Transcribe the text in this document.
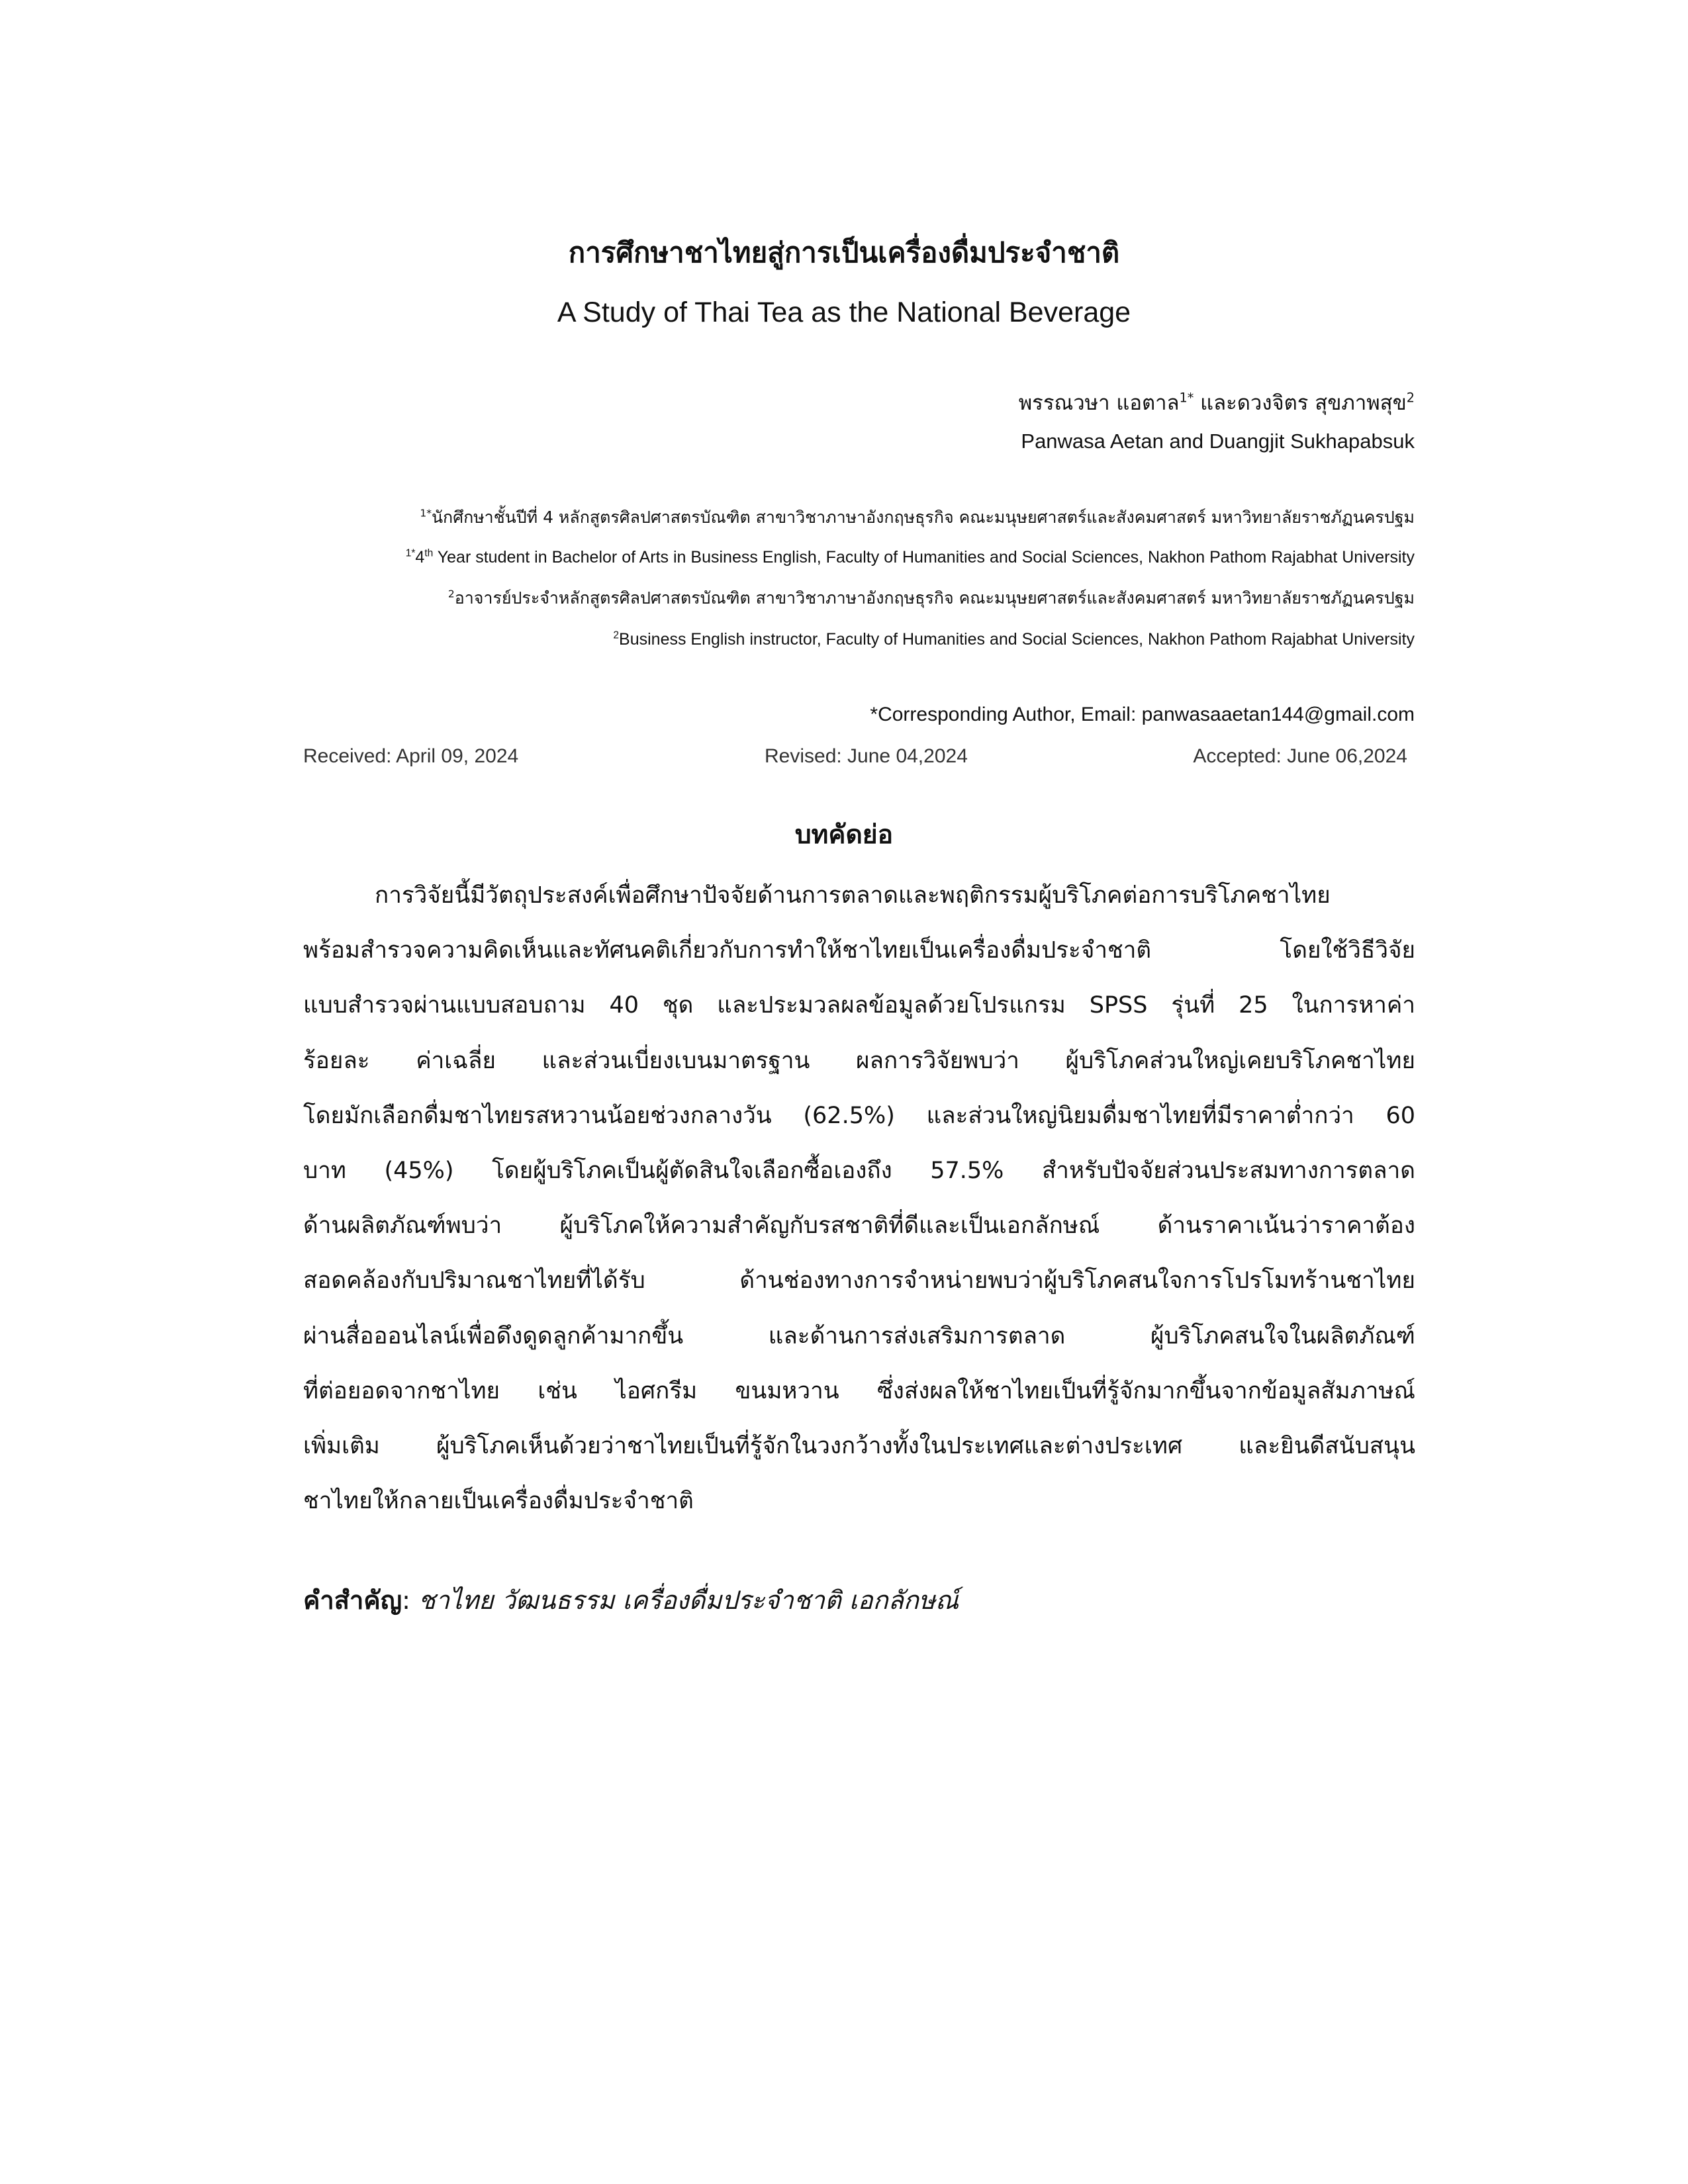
การศึกษาชาไทยสู่การเป็นเครื่องดื่มประจำชาติ
A Study of Thai Tea as the National Beverage
พรรณวษา แอตาล$^{1*}$ และดวงจิตร สุขภาพสุข$^2$
Panwasa Aetan and Duangjit Sukhapabsuk
$^{1*}$นักศึกษาชั้นปีที่ 4 หลักสูตรศิลปศาสตรบัณฑิต สาขาวิชาภาษาอังกฤษธุรกิจ คณะมนุษยศาสตร์และสังคมศาสตร์ มหาวิทยาลัยราชภัฏนครปฐม
$^{1*}$4th Year student in Bachelor of Arts in Business English, Faculty of Humanities and Social Sciences, Nakhon Pathom Rajabhat University
$^2$อาจารย์ประจำหลักสูตรศิลปศาสตรบัณฑิต สาขาวิชาภาษาอังกฤษธุรกิจ คณะมนุษยศาสตร์และสังคมศาสตร์ มหาวิทยาลัยราชภัฏนครปฐม
$^2$Business English instructor, Faculty of Humanities and Social Sciences, Nakhon Pathom Rajabhat University
*Corresponding Author, Email: panwasaaetan144@gmail.com
Received: April 09, 2024	Revised: June 04,2024	Accepted: June 06,2024
บทคัดย่อ
การวิจัยนี้มีวัตถุประสงค์เพื่อศึกษาปัจจัยด้านการตลาดและพฤติกรรมผู้บริโภคต่อการบริโภคชาไทย
พร้อมสำรวจความคิดเห็นและทัศนคติเกี่ยวกับการทำให้ชาไทยเป็นเครื่องดื่มประจำชาติ โดยใช้วิธีวิจัย
แบบสำรวจผ่านแบบสอบถาม 40 ชุด และประมวลผลข้อมูลด้วยโปรแกรม SPSS รุ่นที่ 25 ในการหาค่า
ร้อยละ ค่าเฉลี่ย และส่วนเบี่ยงเบนมาตรฐาน ผลการวิจัยพบว่า ผู้บริโภคส่วนใหญ่เคยบริโภคชาไทย
โดยมักเลือกดื่มชาไทยรสหวานน้อยช่วงกลางวัน (62.5%) และส่วนใหญ่นิยมดื่มชาไทยที่มีราคาต่ำกว่า 60
บาท (45%) โดยผู้บริโภคเป็นผู้ตัดสินใจเลือกซื้อเองถึง 57.5% สำหรับปัจจัยส่วนประสมทางการตลาด
ด้านผลิตภัณฑ์พบว่า ผู้บริโภคให้ความสำคัญกับรสชาติที่ดีและเป็นเอกลักษณ์ ด้านราคาเน้นว่าราคาต้อง
สอดคล้องกับปริมาณชาไทยที่ได้รับ ด้านช่องทางการจำหน่ายพบว่าผู้บริโภคสนใจการโปรโมทร้านชาไทย
ผ่านสื่อออนไลน์เพื่อดึงดูดลูกค้ามากขึ้น และด้านการส่งเสริมการตลาด ผู้บริโภคสนใจในผลิตภัณฑ์
ที่ต่อยอดจากชาไทย เช่น ไอศกรีม ขนมหวาน ซึ่งส่งผลให้ชาไทยเป็นที่รู้จักมากขึ้นจากข้อมูลสัมภาษณ์
เพิ่มเติม ผู้บริโภคเห็นด้วยว่าชาไทยเป็นที่รู้จักในวงกว้างทั้งในประเทศและต่างประเทศ และยินดีสนับสนุน
ชาไทยให้กลายเป็นเครื่องดื่มประจำชาติ
คำสำคัญ: ชาไทย วัฒนธรรม เครื่องดื่มประจำชาติ เอกลักษณ์
